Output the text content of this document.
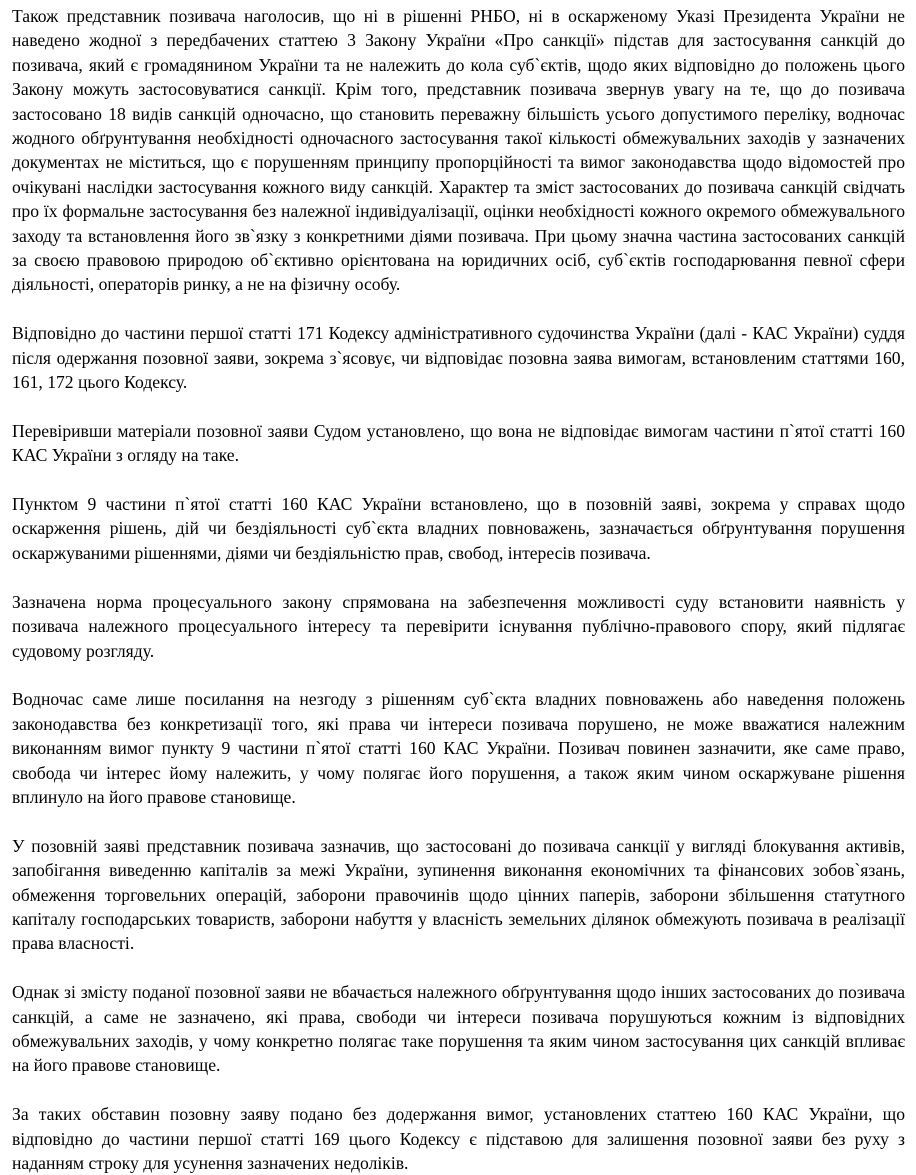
Також представник позивача наголосив, що ні в рішенні РНБО, ні в оскарженому Указі Президента України не наведено жодної з передбачених статтею 3 Закону України «Про санкції» підстав для застосування санкцій до позивача, який є громадянином України та не належить до кола суб`єктів, щодо яких відповідно до положень цього Закону можуть застосовуватися санкції. Крім того, представник позивача звернув увагу на те, що до позивача застосовано 18 видів санкцій одночасно, що становить переважну більшість усього допустимого переліку, водночас жодного обґрунтування необхідності одночасного застосування такої кількості обмежувальних заходів у зазначених документах не міститься, що є порушенням принципу пропорційності та вимог законодавства щодо відомостей про очікувані наслідки застосування кожного виду санкцій. Характер та зміст застосованих до позивача санкцій свідчать про їх формальне застосування без належної індивідуалізації, оцінки необхідності кожного окремого обмежувального заходу та встановлення його зв`язку з конкретними діями позивача. При цьому значна частина застосованих санкцій за своєю правовою природою об`єктивно орієнтована на юридичних осіб, суб`єктів господарювання певної сфери діяльності, операторів ринку, а не на фізичну особу.

Відповідно до частини першої статті 171 Кодексу адміністративного судочинства України (далі - КАС України) суддя після одержання позовної заяви, зокрема з`ясовує, чи відповідає позовна заява вимогам, встановленим статтями 160, 161, 172 цього Кодексу.

Перевіривши матеріали позовної заяви Судом установлено, що вона не відповідає вимогам частини п`ятої статті 160 КАС України з огляду на таке.

Пунктом 9 частини п`ятої статті 160 КАС України встановлено, що в позовній заяві, зокрема у справах щодо оскарження рішень, дій чи бездіяльності суб`єкта владних повноважень, зазначається обґрунтування порушення оскаржуваними рішеннями, діями чи бездіяльністю прав, свобод, інтересів позивача.

Зазначена норма процесуального закону спрямована на забезпечення можливості суду встановити наявність у позивача належного процесуального інтересу та перевірити існування публічно-правового спору, який підлягає судовому розгляду.

Водночас саме лише посилання на незгоду з рішенням суб`єкта владних повноважень або наведення положень законодавства без конкретизації того, які права чи інтереси позивача порушено, не може вважатися належним виконанням вимог пункту 9 частини п`ятої статті 160 КАС України. Позивач повинен зазначити, яке саме право, свобода чи інтерес йому належить, у чому полягає його порушення, а також яким чином оскаржуване рішення вплинуло на його правове становище.

У позовній заяві представник позивача зазначив, що застосовані до позивача санкції у вигляді блокування активів, запобігання виведенню капіталів за межі України, зупинення виконання економічних та фінансових зобов`язань, обмеження торговельних операцій, заборони правочинів щодо цінних паперів, заборони збільшення статутного капіталу господарських товариств, заборони набуття у власність земельних ділянок обмежують позивача в реалізації права власності.

Однак зі змісту поданої позовної заяви не вбачається належного обґрунтування щодо інших застосованих до позивача санкцій, а саме не зазначено, які права, свободи чи інтереси позивача порушуються кожним із відповідних обмежувальних заходів, у чому конкретно полягає таке порушення та яким чином застосування цих санкцій впливає на його правове становище.

За таких обставин позовну заяву подано без додержання вимог, установлених статтею 160 КАС України, що відповідно до частини першої статті 169 цього Кодексу є підставою для залишення позовної заяви без руху з наданням строку для усунення зазначених недоліків.
